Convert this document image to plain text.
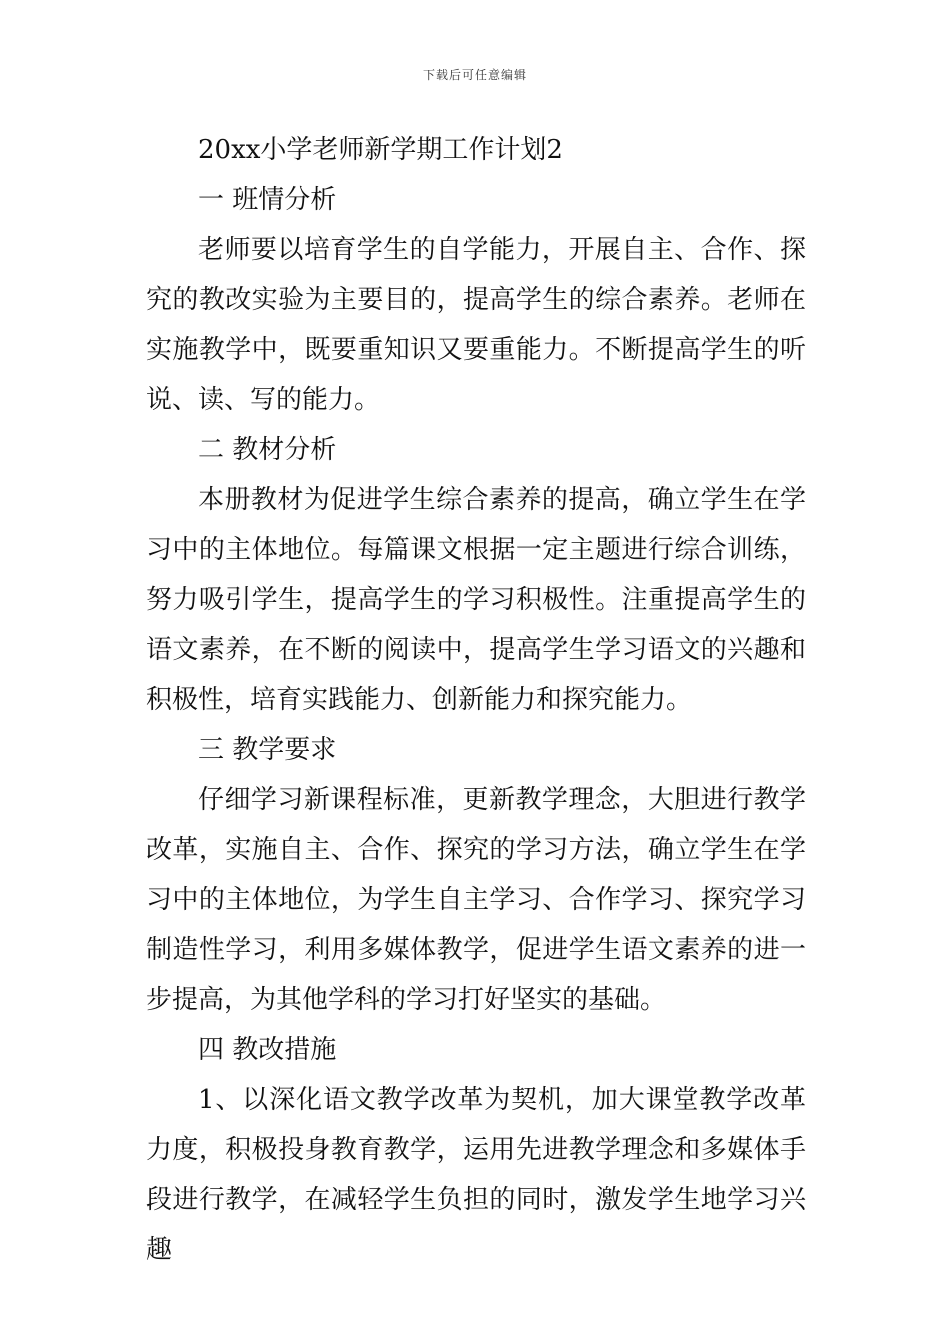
下载后可任意编辑

20xx小学老师新学期工作计划2

一 班情分析

老师要以培育学生的自学能力，开展自主、合作、探究的教改实验为主要目的，提高学生的综合素养。老师在实施教学中，既要重知识又要重能力。不断提高学生的听说、读、写的能力。

二 教材分析

本册教材为促进学生综合素养的提高，确立学生在学习中的主体地位。每篇课文根据一定主题进行综合训练，努力吸引学生，提高学生的学习积极性。注重提高学生的语文素养，在不断的阅读中，提高学生学习语文的兴趣和积极性，培育实践能力、创新能力和探究能力。

三 教学要求

仔细学习新课程标准，更新教学理念，大胆进行教学改革，实施自主、合作、探究的学习方法，确立学生在学习中的主体地位，为学生自主学习、合作学习、探究学习制造性学习，利用多媒体教学，促进学生语文素养的进一步提高，为其他学科的学习打好坚实的基础。

四 教改措施

1、以深化语文教学改革为契机，加大课堂教学改革力度，积极投身教育教学，运用先进教学理念和多媒体手段进行教学，在减轻学生负担的同时，激发学生地学习兴趣
